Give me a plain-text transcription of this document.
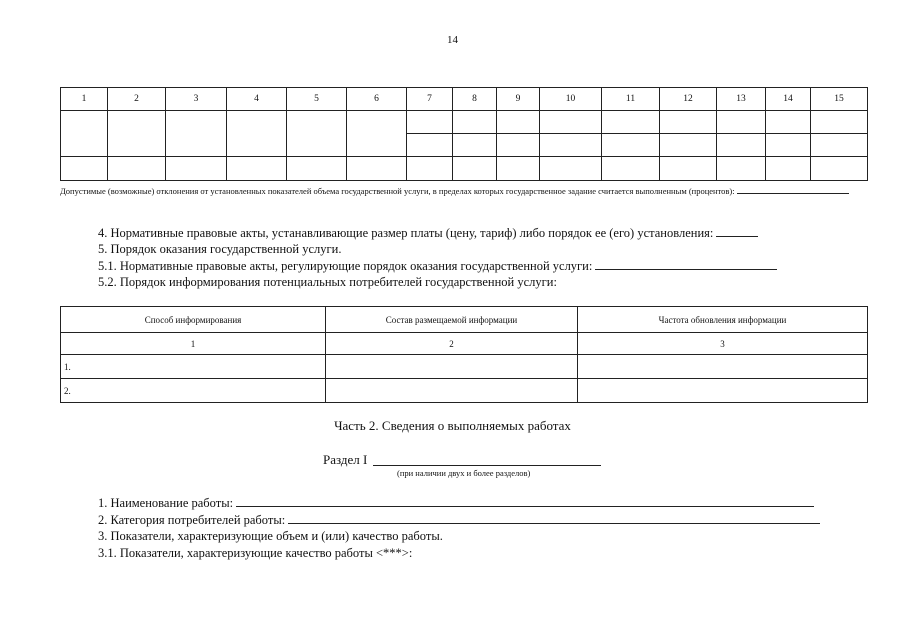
14
1	2	3	4	5	6	7	8	9	10	11	12	13	14	15

Допустимые (возможные) отклонения от установленных показателей объема государственной услуги, в пределах которых государственное задание считается выполненным (процентов):
4. Нормативные правовые акты, устанавливающие размер платы (цену, тариф) либо порядок ее (его) установления:
5. Порядок оказания государственной услуги.
5.1. Нормативные правовые акты, регулирующие порядок оказания государственной услуги:
5.2. Порядок информирования потенциальных потребителей государственной услуги:
Способ информирования	Состав размещаемой информации	Частота обновления информации
1	2	3
1.		
2.		
Часть 2. Сведения о выполняемых работах
Раздел I
(при наличии двух и более разделов)
1. Наименование работы:
2. Категория потребителей работы:
3. Показатели, характеризующие объем и (или) качество работы.
3.1. Показатели, характеризующие качество работы <***>:
